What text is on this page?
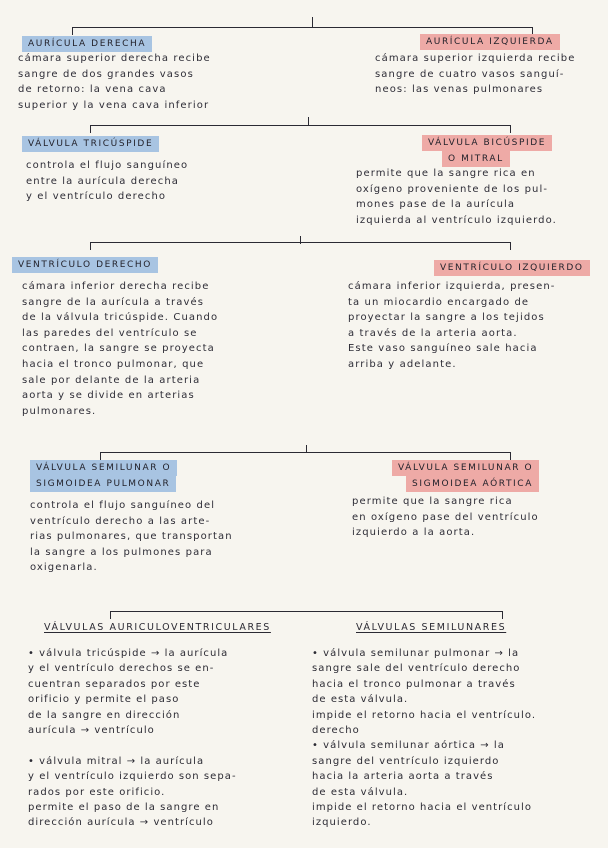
AURÍCULA DERECHA

cámara superior derecha recibe

sangre de dos grandes vasos

de retorno: la vena cava

superior y la vena cava inferior

AURÍCULA IZQUIERDA

cámara superior izquierda recibe

sangre de cuatro vasos sanguí-

neos: las venas pulmonares

VÁLVULA TRICÚSPIDE

controla el flujo sanguíneo

entre la aurícula derecha

y el ventrículo derecho

VÁLVULA BICÚSPIDE
O MITRAL

permite que la sangre rica en

oxígeno proveniente de los pul-

mones pase de la aurícula

izquierda al ventrículo izquierdo.

VENTRÍCULO DERECHO

cámara inferior derecha recibe

sangre de la aurícula a través

de la válvula tricúspide. Cuando

las paredes del ventrículo se

contraen, la sangre se proyecta

hacia el tronco pulmonar, que

sale por delante de la arteria

aorta y se divide en arterias

pulmonares.

VENTRÍCULO IZQUIERDO

cámara inferior izquierda, presen-

ta un miocardio encargado de

proyectar la sangre a los tejidos

a través de la arteria aorta.

Este vaso sanguíneo sale hacia

arriba y adelante.

VÁLVULA SEMILUNAR O
SIGMOIDEA PULMONAR

controla el flujo sanguíneo del

ventrículo derecho a las arte-

rias pulmonares, que transportan

la sangre a los pulmones para

oxigenarla.

VÁLVULA SEMILUNAR O
SIGMOIDEA AÓRTICA

permite que la sangre rica

en oxígeno pase del ventrículo

izquierdo a la aorta.

VÁLVULAS AURICULOVENTRICULARES

• válvula tricúspide → la aurícula

y el ventrículo derechos se en-

cuentran separados por este

orificio y permite el paso

de la sangre en dirección

aurícula → ventrículo

• válvula mitral → la aurícula

y el ventrículo izquierdo son sepa-

rados por este orificio.

permite el paso de la sangre en

dirección aurícula → ventrículo

VÁLVULAS SEMILUNARES

• válvula semilunar pulmonar → la

sangre sale del ventrículo derecho

hacia el tronco pulmonar a través

de esta válvula.

impide el retorno hacia el ventrículo.

derecho

• válvula semilunar aórtica → la

sangre del ventrículo izquierdo

hacia la arteria aorta a través

de esta válvula.

impide el retorno hacia el ventrículo

izquierdo.
